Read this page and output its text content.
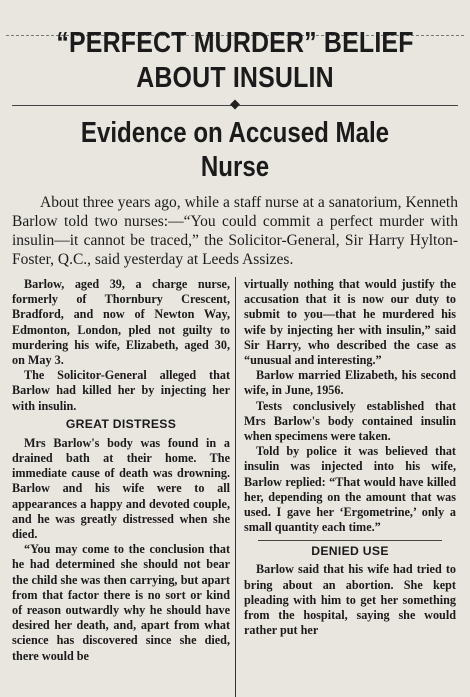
“PERFECT MURDER” BELIEF
ABOUT INSULIN
Evidence on Accused Male Nurse

About three years ago, while a staff nurse at a sanatorium, Kenneth Barlow told two nurses:—“You could commit a perfect murder with insulin—it cannot be traced,” the Solicitor-General, Sir Harry Hylton-Foster, Q.C., said yesterday at Leeds Assizes.

Barlow, aged 39, a charge nurse, formerly of Thornbury Crescent, Bradford, and now of Newton Way, Edmonton, London, pled not guilty to murdering his wife, Elizabeth, aged 30, on May 3.

The Solicitor-General alleged that Barlow had killed her by injecting her with insulin.

GREAT DISTRESS

Mrs Barlow's body was found in a drained bath at their home. The immediate cause of death was drowning. Barlow and his wife were to all appearances a happy and devoted couple, and he was greatly distressed when she died.

“You may come to the conclusion that he had determined she should not bear the child she was then carrying, but apart from that factor there is no sort or kind of reason outwardly why he should have desired her death, and, apart from what science has discovered since she died, there would be

virtually nothing that would justify the accusation that it is now our duty to submit to you—that he murdered his wife by injecting her with insulin,” said Sir Harry, who described the case as “unusual and interesting.”

Barlow married Elizabeth, his second wife, in June, 1956.

Tests conclusively established that Mrs Barlow's body contained insulin when specimens were taken.

Told by police it was believed that insulin was injected into his wife, Barlow replied: “That would have killed her, depending on the amount that was used. I gave her ‘Ergometrine,’ only a small quantity each time.”

DENIED USE

Barlow said that his wife had tried to bring about an abortion. She kept pleading with him to get her something from the hospital, saying she would rather put her
